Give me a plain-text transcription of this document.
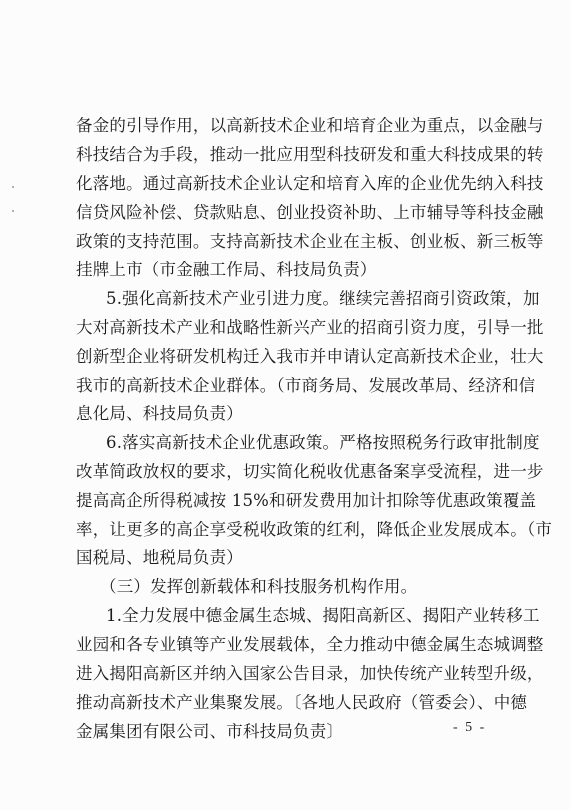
备金的引导作用，以高新技术企业和培育企业为重点，以金融与
科技结合为手段，推动一批应用型科技研发和重大科技成果的转
化落地。通过高新技术企业认定和培育入库的企业优先纳入科技
信贷风险补偿、贷款贴息、创业投资补助、上市辅导等科技金融
政策的支持范围。支持高新技术企业在主板、创业板、新三板等
挂牌上市（市金融工作局、科技局负责）
5.强化高新技术产业引进力度。继续完善招商引资政策，加
大对高新技术产业和战略性新兴产业的招商引资力度，引导一批
创新型企业将研发机构迁入我市并申请认定高新技术企业，壮大
我市的高新技术企业群体。（市商务局、发展改革局、经济和信
息化局、科技局负责）
6.落实高新技术企业优惠政策。严格按照税务行政审批制度
改革简政放权的要求，切实简化税收优惠备案享受流程，进一步
提高高企所得税减按 15%和研发费用加计扣除等优惠政策覆盖
率，让更多的高企享受税收政策的红利，降低企业发展成本。（市
国税局、地税局负责）
（三）发挥创新载体和科技服务机构作用。
1.全力发展中德金属生态城、揭阳高新区、揭阳产业转移工
业园和各专业镇等产业发展载体，全力推动中德金属生态城调整
进入揭阳高新区并纳入国家公告目录，加快传统产业转型升级，
推动高新技术产业集聚发展。〔各地人民政府（管委会）、中德
金属集团有限公司、市科技局负责〕	- 5 -
